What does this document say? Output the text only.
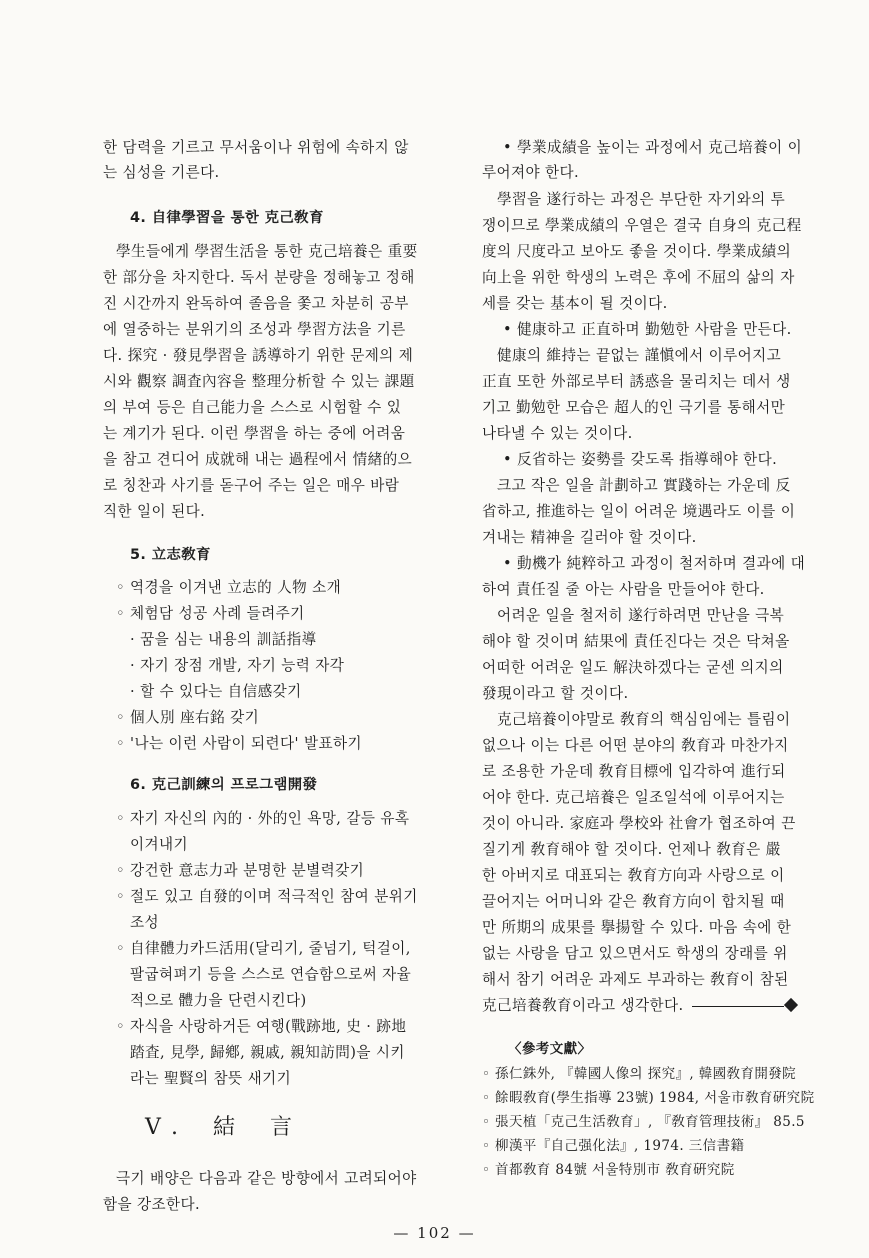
한 담력을 기르고 무서움이나 위험에 속하지 않
는 심성을 기른다.
4. 自律學習을 통한 克己敎育
學生들에게 學習生活을 통한 克己培養은 重要
한 部分을 차지한다. 독서 분량을 정해놓고 정해
진 시간까지 완독하여 졸음을 쫓고 차분히 공부
에 열중하는 분위기의 조성과 學習方法을 기른
다. 探究 · 發見學習을 誘導하기 위한 문제의 제
시와 觀察 調査內容을 整理分析할 수 있는 課題
의 부여 등은 自己能力을 스스로 시험할 수 있
는 계기가 된다. 이런 學習을 하는 중에 어려움
을 참고 견디어 成就해 내는 過程에서 情緖的으
로 칭찬과 사기를 돋구어 주는 일은 매우 바람
직한 일이 된다.
5. 立志敎育
◦ 역경을 이겨낸 立志的 人物 소개
◦ 체험담 성공 사례 들려주기
· 꿈을 심는 내용의 訓話指導
· 자기 장점 개발, 자기 능력 자각
· 할 수 있다는 自信感갖기
◦ 個人別 座右銘 갖기
◦ '나는 이런 사람이 되련다' 발표하기
6. 克己訓練의 프로그램開發
◦ 자기 자신의 內的 · 外的인 욕망, 갈등 유혹
이겨내기
◦ 강건한 意志力과 분명한 분별력갖기
◦ 절도 있고 自發的이며 적극적인 참여 분위기
조성
◦ 自律體力카드活用(달리기, 줄넘기, 턱걸이,
팔굽혀펴기 등을 스스로 연습함으로써 자율
적으로 體力을 단련시킨다)
◦ 자식을 사랑하거든 여행(戰跡地, 史 · 跡地
踏査, 見學, 歸鄕, 親戚, 親知訪問)을 시키
라는 聖賢의 참뜻 새기기
V. 結 言
극기 배양은 다음과 같은 방향에서 고려되어야
함을 강조한다.
• 學業成績을 높이는 과정에서 克己培養이 이
루어져야 한다.
學習을 遂行하는 과정은 부단한 자기와의 투
쟁이므로 學業成績의 우열은 결국 自身의 克己程
度의 尺度라고 보아도 좋을 것이다. 學業成績의
向上을 위한 학생의 노력은 후에 不屈의 삶의 자
세를 갖는 基本이 될 것이다.
• 健康하고 正直하며 勤勉한 사람을 만든다.
健康의 維持는 끝없는 謹愼에서 이루어지고
正直 또한 外部로부터 誘惑을 물리치는 데서 생
기고 勤勉한 모습은 超人的인 극기를 통해서만
나타낼 수 있는 것이다.
• 反省하는 姿勢를 갖도록 指導해야 한다.
크고 작은 일을 計劃하고 實踐하는 가운데 反
省하고, 推進하는 일이 어려운 境遇라도 이를 이
겨내는 精神을 길러야 할 것이다.
• 動機가 純粹하고 과정이 철저하며 결과에 대
하여 責任질 줄 아는 사람을 만들어야 한다.
어려운 일을 철저히 遂行하려면 만난을 극복
해야 할 것이며 結果에 責任진다는 것은 닥쳐올
어떠한 어려운 일도 解決하겠다는 굳센 의지의
發現이라고 할 것이다.
克己培養이야말로 敎育의 핵심임에는 틀림이
없으나 이는 다른 어떤 분야의 敎育과 마찬가지
로 조용한 가운데 敎育目標에 입각하여 進行되
어야 한다. 克己培養은 일조일석에 이루어지는
것이 아니라. 家庭과 學校와 社會가 협조하여 끈
질기게 敎育해야 할 것이다. 언제나 敎育은 嚴
한 아버지로 대표되는 敎育方向과 사랑으로 이
끌어지는 어머니와 같은 敎育方向이 합치될 때
만 所期의 成果를 擧揚할 수 있다. 마음 속에 한
없는 사랑을 담고 있으면서도 학생의 장래를 위
해서 참기 어려운 과제도 부과하는 敎育이 참된
克己培養敎育이라고 생각한다.
〈參考文獻〉
◦ 孫仁銖外, 『韓國人像의 探究』, 韓國敎育開發院
◦ 餘暇敎育(學生指導 23號) 1984, 서울市敎育硏究院
◦ 張天植「克己生活敎育」, 『敎育管理技術』 85.5
◦ 柳漢平『自己强化法』, 1974. 三信書籍
◦ 首都敎育 84號 서울特別市 敎育硏究院
— 102 —
